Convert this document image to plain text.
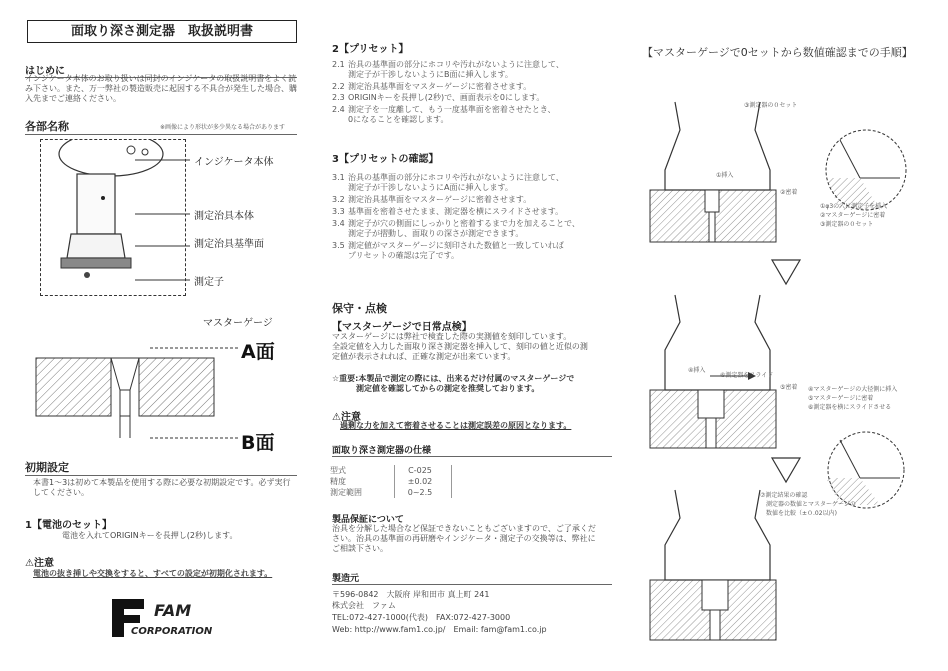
面取り深さ測定器　取扱説明書
はじめに
インジケータ本体のお取り扱いは同封のインジケータの取扱説明書をよく読み下さい。また、万一弊社の製造販売に起因する不具合が発生した場合、購入先までご連絡ください。
各部名称	※画像により形状が多少異なる場合があります
インジケータ本体
測定治具本体
測定治具基準面
測定子
マスターゲージ
A面
B面
初期設定
本書1〜3は初めて本製品を使用する際に必要な初期設定です。必ず実行してください。
1【電池のセット】
電池を入れてORIGINキーを長押し(2秒)します。
⚠注意
電池の抜き挿しや交換をすると、すべての設定が初期化されます。
FAM
CORPORATION
2【プリセット】
2.1 治具の基準面の部分にホコリや汚れがないように注意して、
測定子が干渉しないようにB面に挿入します。
2.2 測定治具基準面をマスターゲージに密着させます。
2.3 ORIGINキーを長押し(2秒)で、画面表示を0にします。
2.4 測定子を一度離して、もう一度基準面を密着させたとき、
0になることを確認します。
3【プリセットの確認】
3.1 治具の基準面の部分にホコリや汚れがないように注意して、
測定子が干渉しないようにA面に挿入します。
3.2 測定治具基準面をマスターゲージに密着させます。
3.3 基準面を密着させたまま、測定器を横にスライドさせます。
3.4 測定子が穴の側面にしっかりと密着するまで力を加えることで、
測定子が摺動し、面取りの深さが測定できます。
3.5 測定値がマスターゲージに刻印された数値と一致していれば
プリセットの確認は完了です。
保守・点検
【マスターゲージで日常点検】
マスターゲージには弊社で検査した際の実測値を刻印しています。
全設定値を入力した面取り深さ測定器を挿入して、刻印の値と近似の測
定値が表示されれば、正確な測定が出来ています。
☆重要:本製品で測定の際には、出来るだけ付属のマスターゲージで
　　　測定値を確認してからの測定を推奨しております。
⚠注意
過剰な力を加えて密着させることは測定誤差の原因となります。
面取り深さ測定器の仕様
型式	C-025	
精度	±0.02	
測定範囲	0~2.5	
製品保証について
治具を分解した場合など保証できないこともございますので、ご了承くだ
さい。治具の基準面の再研磨やインジケータ・測定子の交換等は、弊社に
ご相談下さい。
製造元
〒596-0842　大阪府 岸和田市 真上町 241
株式会社　ファム
TEL:072-427-1000(代表)　FAX:072-427-3000
Web: http://www.fam1.co.jp/　Email: fam@fam1.co.jp
【マスターゲージで0セットから数値確認までの手順】
③測定器の０セット
①挿入
②密着
①φ3の穴に測定子を挿入
②マスターゲージに密着
③測定器の０セット
④挿入
⑥測定器をスライド
⑤密着 ④マスターゲージの大径側に挿入
⑤マスターゲージに密着
⑥測定器を横にスライドさせる
⑦測定結果の確認
測定器の数値とマスターゲージの
数値を比較（±０.02以内)
